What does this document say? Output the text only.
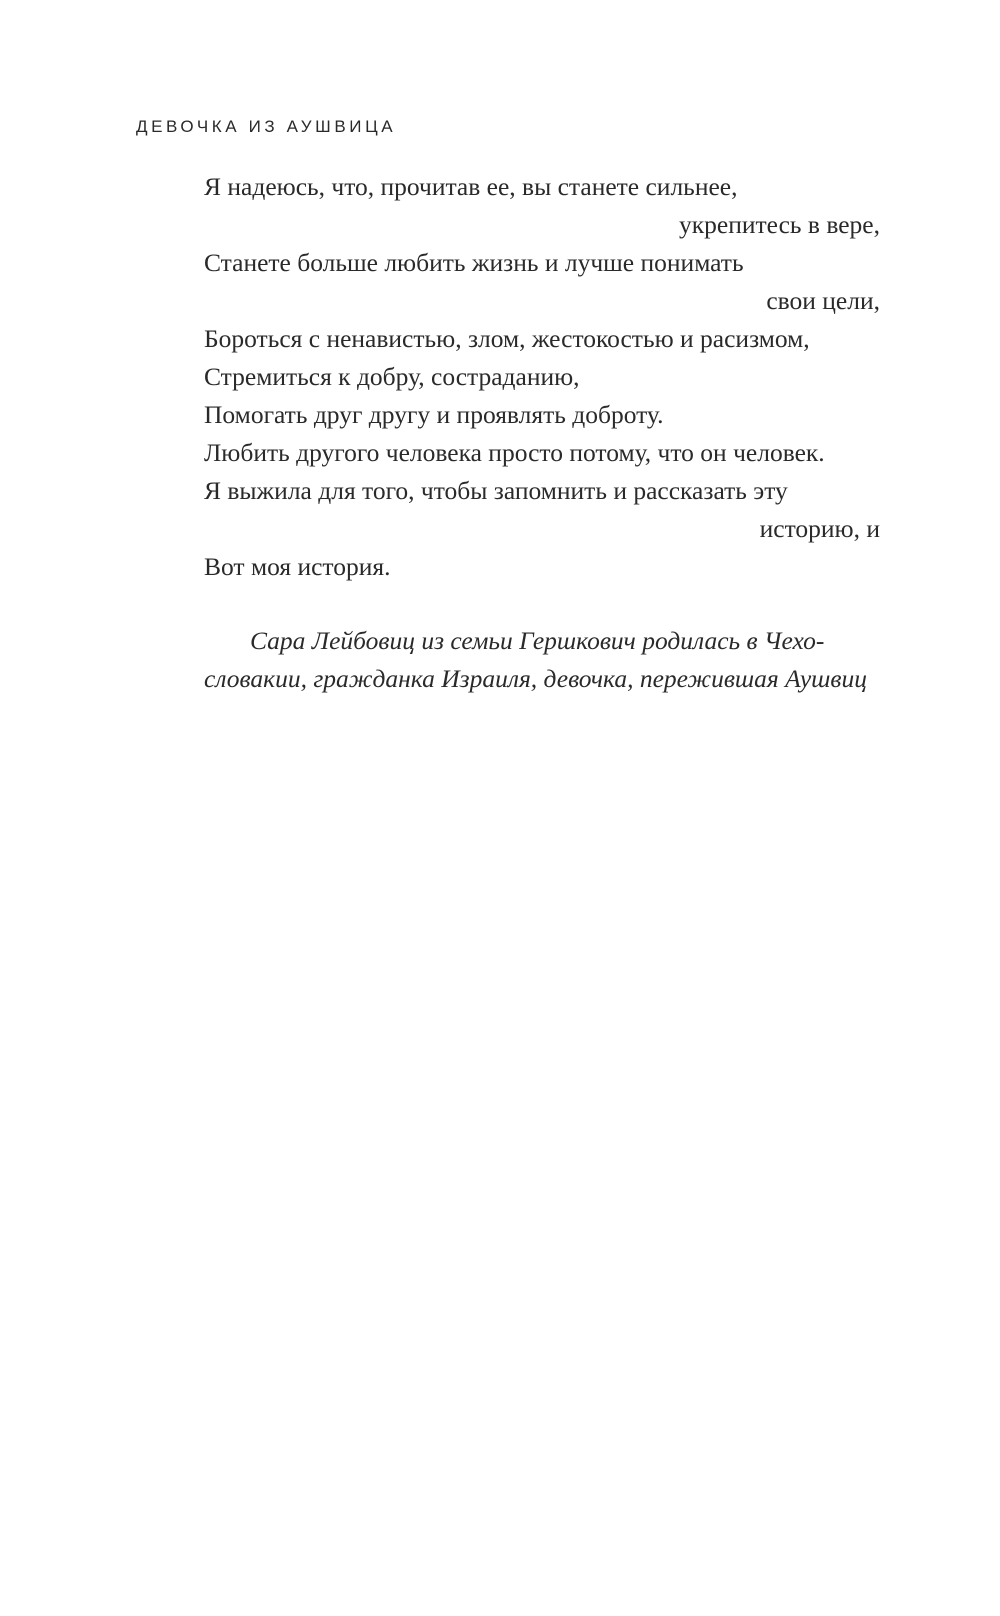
ДЕВОЧКА ИЗ АУШВИЦА
Я надеюсь, что, прочитав ее, вы станете сильнее,
укрепитесь в вере,
Станете больше любить жизнь и лучше понимать
свои цели,
Бороться с ненавистью, злом, жестокостью и расизмом,
Стремиться к добру, состраданию,
Помогать друг другу и проявлять доброту.
Любить другого человека просто потому, что он человек.
Я выжила для того, чтобы запомнить и рассказать эту
историю, и
Вот моя история.
Сара Лейбовиц из семьи Гершкович родилась в Чехо-
словакии, гражданка Израиля, девочка, пережившая Аушвиц
